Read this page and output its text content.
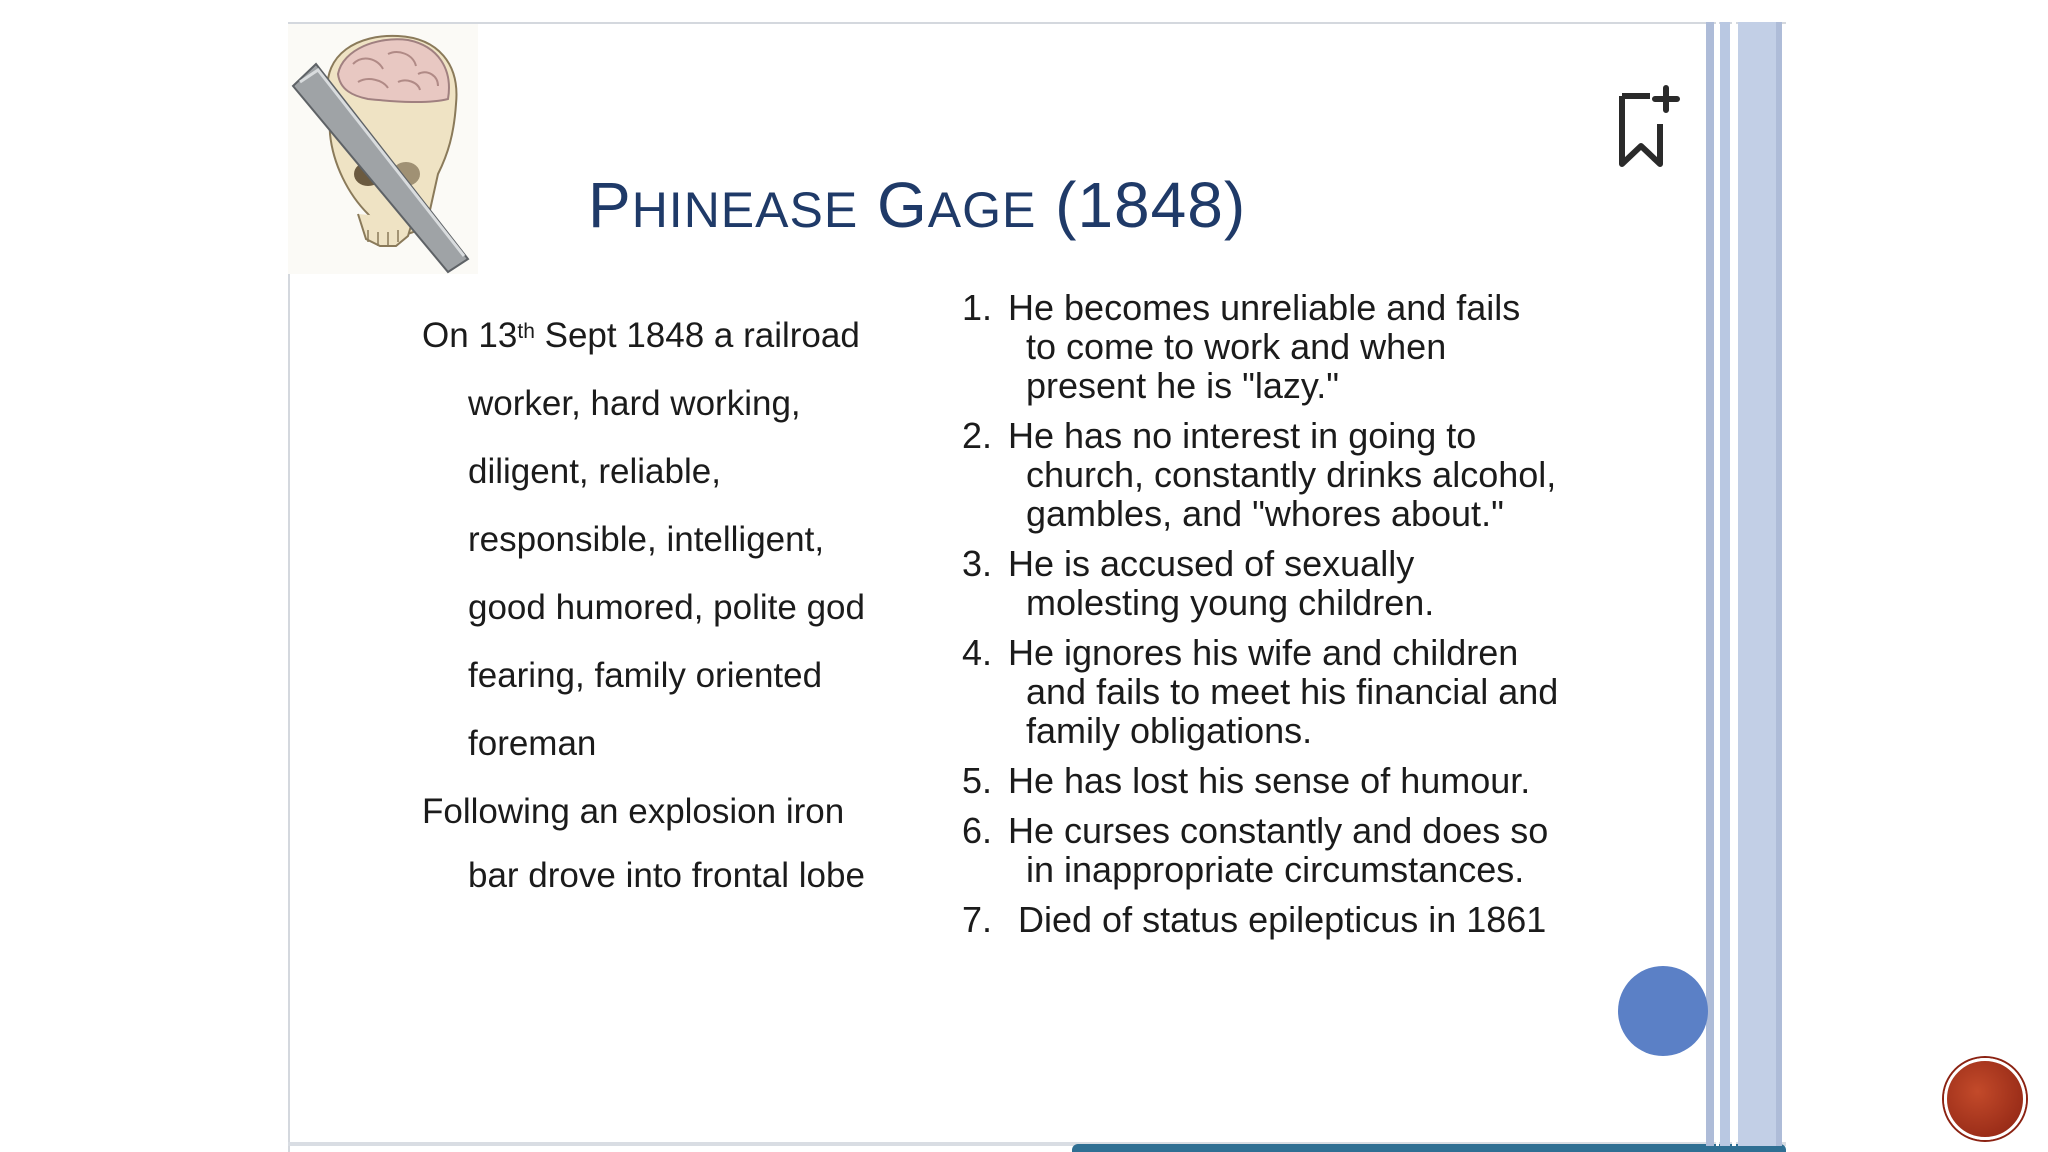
PHINEASE GAGE (1848)
On 13th Sept 1848 a railroad
worker, hard working,
diligent, reliable,
responsible, intelligent,
good humored, polite god
fearing, family oriented
foreman
Following an explosion iron
bar drove into frontal lobe
1. He becomes unreliable and fails
to come to work and when
present he is "lazy."
2. He has no interest in going to
church, constantly drinks alcohol,
gambles, and "whores about."
3. He is accused of sexually
molesting young children.
4. He ignores his wife and children
and fails to meet his financial and
family obligations.
5. He has lost his sense of humour.
6. He curses constantly and does so
in inappropriate circumstances.
7. Died of status epilepticus in 1861
